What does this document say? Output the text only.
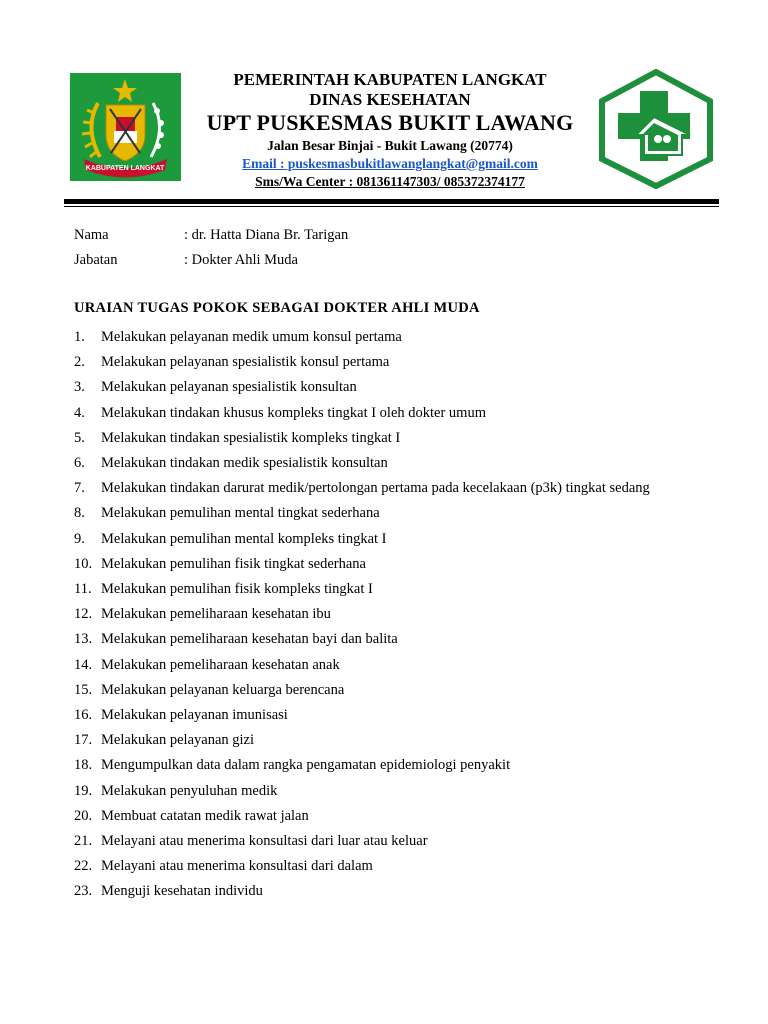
KABUPATEN LANGKAT
PEMERINTAH KABUPATEN LANGKAT
DINAS KESEHATAN
UPT PUSKESMAS BUKIT LAWANG
Jalan Besar Binjai - Bukit Lawang (20774)
Email : puskesmasbukitlawanglangkat@gmail.com
Sms/Wa Center : 081361147303/ 085372374177
Nama	: dr. Hatta Diana Br. Tarigan
Jabatan	: Dokter Ahli Muda
URAIAN TUGAS POKOK SEBAGAI DOKTER AHLI MUDA
1.	Melakukan pelayanan medik umum konsul pertama
2.	Melakukan pelayanan spesialistik konsul pertama
3.	Melakukan pelayanan spesialistik konsultan
4.	Melakukan tindakan khusus kompleks tingkat I oleh dokter umum
5.	Melakukan tindakan spesialistik kompleks tingkat I
6.	Melakukan tindakan medik spesialistik konsultan
7.	Melakukan tindakan darurat medik/pertolongan pertama pada kecelakaan (p3k) tingkat sedang
8.	Melakukan pemulihan mental tingkat sederhana
9.	Melakukan pemulihan mental kompleks tingkat I
10. Melakukan pemulihan fisik tingkat sederhana
11. Melakukan pemulihan fisik kompleks tingkat I
12. Melakukan pemeliharaan kesehatan ibu
13. Melakukan pemeliharaan kesehatan bayi dan balita
14. Melakukan pemeliharaan kesehatan anak
15. Melakukan pelayanan keluarga berencana
16. Melakukan pelayanan imunisasi
17. Melakukan pelayanan gizi
18. Mengumpulkan data dalam rangka pengamatan epidemiologi penyakit
19. Melakukan penyuluhan medik
20. Membuat catatan medik rawat jalan
21. Melayani atau menerima konsultasi dari luar atau keluar
22. Melayani atau menerima konsultasi dari dalam
23. Menguji kesehatan individu
